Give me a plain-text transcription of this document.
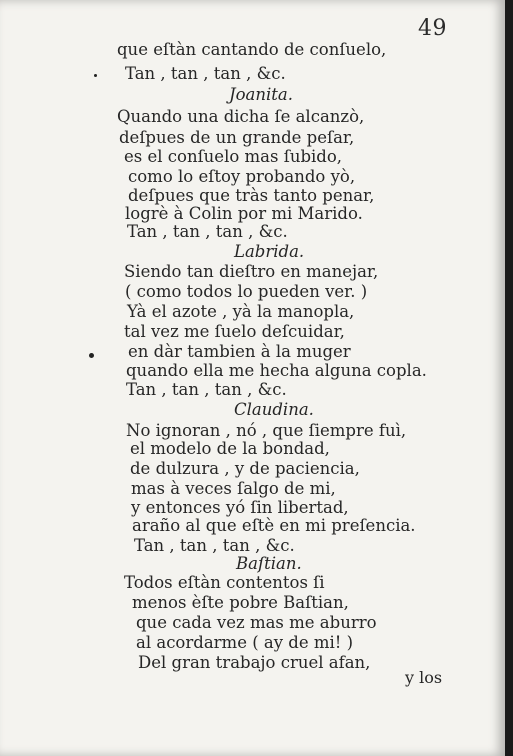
49
que eſtàn cantando de conſuelo,
Tan , tan , tan , &c.
Joanita.
Quando una dicha ſe alcanzò,
deſpues de un grande peſar,
es el conſuelo mas ſubido,
como lo eſtoy probando yò,
deſpues que tràs tanto penar,
logrè à Colin por mi Marido.
Tan , tan , tan , &c.
Labrida.
Siendo tan dieſtro en manejar,
( como todos lo pueden ver. )
Yà el azote , yà la manopla,
tal vez me ſuelo deſcuidar,
en dàr tambien à la muger
quando ella me hecha alguna copla.
Tan , tan , tan , &c.
Claudina.
No ignoran , nó , que ſiempre fuì,
el modelo de la bondad,
de dulzura , y de paciencia,
mas à veces ſalgo de mi,
y entonces yó ſin libertad,
araño al que eſtè en mi preſencia.
Tan , tan , tan , &c.
Baſtian.
Todos eſtàn contentos ſi
menos èſte pobre Baſtian,
que cada vez mas me aburro
al acordarme ( ay de mi! )
Del gran trabajo cruel afan,
y los
